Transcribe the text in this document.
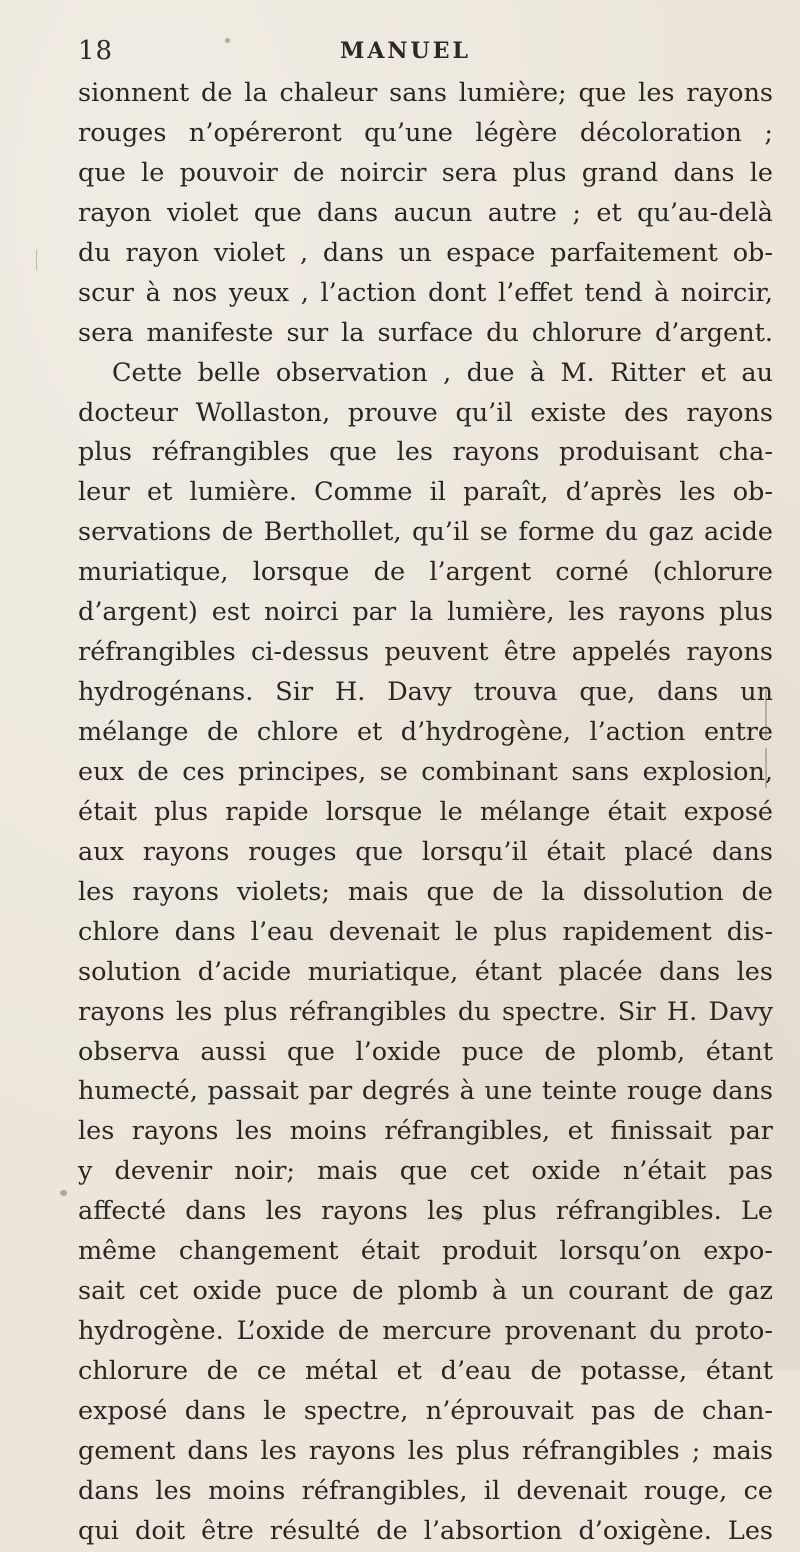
18	MANUEL
sionnent de la chaleur sans lumière; que les rayons
rouges n’opéreront qu’une légère décoloration ;
que le pouvoir de noircir sera plus grand dans le
rayon violet que dans aucun autre ; et qu’au-delà
du rayon violet , dans un espace parfaitement ob-
scur à nos yeux , l’action dont l’effet tend à noircir,
sera manifeste sur la surface du chlorure d’argent.
Cette belle observation , due à M. Ritter et au
docteur Wollaston, prouve qu’il existe des rayons
plus réfrangibles que les rayons produisant cha-
leur et lumière. Comme il paraît, d’après les ob-
servations de Berthollet, qu’il se forme du gaz acide
muriatique, lorsque de l’argent corné (chlorure
d’argent) est noirci par la lumière, les rayons plus
réfrangibles ci-dessus peuvent être appelés rayons
hydrogénans. Sir H. Davy trouva que, dans un
mélange de chlore et d’hydrogène, l’action entre
eux de ces principes, se combinant sans explosion,
était plus rapide lorsque le mélange était exposé
aux rayons rouges que lorsqu’il était placé dans
les rayons violets; mais que de la dissolution de
chlore dans l’eau devenait le plus rapidement dis-
solution d’acide muriatique, étant placée dans les
rayons les plus réfrangibles du spectre. Sir H. Davy
observa aussi que l’oxide puce de plomb, étant
humecté, passait par degrés à une teinte rouge dans
les rayons les moins réfrangibles, et finissait par
y devenir noir; mais que cet oxide n’était pas
affecté dans les rayons les plus réfrangibles. Le
même changement était produit lorsqu’on expo-
sait cet oxide puce de plomb à un courant de gaz
hydrogène. L’oxide de mercure provenant du proto-
chlorure de ce métal et d’eau de potasse, étant
exposé dans le spectre, n’éprouvait pas de chan-
gement dans les rayons les plus réfrangibles ; mais
dans les moins réfrangibles, il devenait rouge, ce
qui doit être résulté de l’absortion d’oxigène. Les
